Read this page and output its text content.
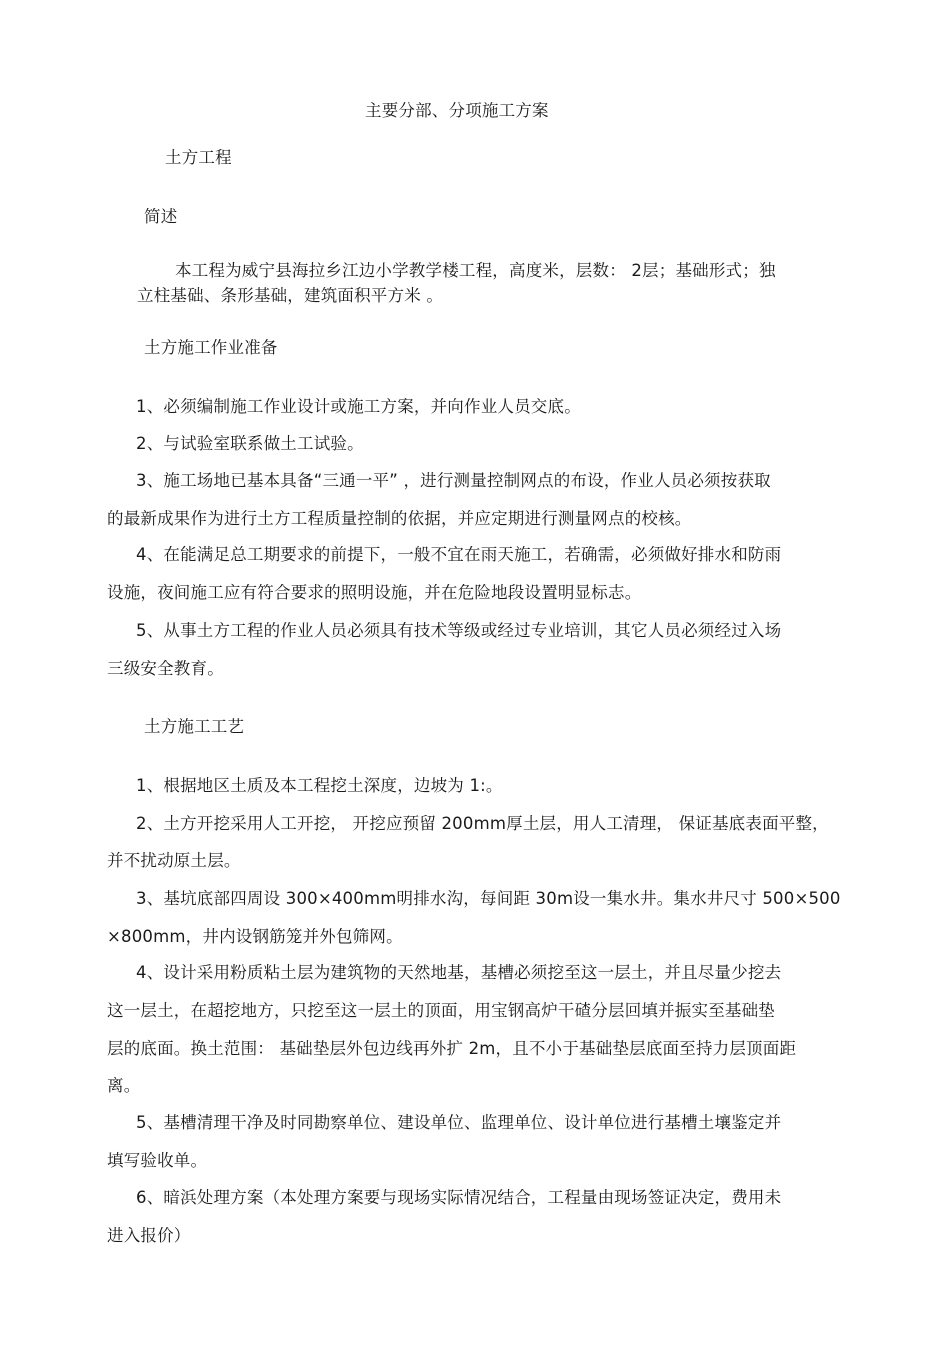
主要分部、分项施工方案
土方工程
简述
本工程为威宁县海拉乡江边小学教学楼工程，高度米，层数： 2层；基础形式；独
立柱基础、条形基础，建筑面积平方米 。
土方施工作业准备
1、必须编制施工作业设计或施工方案，并向作业人员交底。
2、与试验室联系做土工试验。
3、施工场地已基本具备“三通一平” ，进行测量控制网点的布设，作业人员必须按获取
的最新成果作为进行土方工程质量控制的依据，并应定期进行测量网点的校核。
4、在能满足总工期要求的前提下，一般不宜在雨天施工，若确需，必须做好排水和防雨
设施，夜间施工应有符合要求的照明设施，并在危险地段设置明显标志。
5、从事土方工程的作业人员必须具有技术等级或经过专业培训，其它人员必须经过入场
三级安全教育。
土方施工工艺
1、根据地区土质及本工程挖土深度，边坡为 1:。
2、土方开挖采用人工开挖， 开挖应预留 200mm厚土层，用人工清理， 保证基底表面平整，
并不扰动原土层。
3、基坑底部四周设 300×400mm明排水沟，每间距 30m设一集水井。集水井尺寸 500×500
×800mm，井内设钢筋笼并外包筛网。
4、设计采用粉质粘土层为建筑物的天然地基，基槽必须挖至这一层土，并且尽量少挖去
这一层土，在超挖地方，只挖至这一层土的顶面，用宝钢高炉干碴分层回填并振实至基础垫
层的底面。换土范围： 基础垫层外包边线再外扩 2m，且不小于基础垫层底面至持力层顶面距
离。
5、基槽清理干净及时同勘察单位、建设单位、监理单位、设计单位进行基槽土壤鉴定并
填写验收单。
6、暗浜处理方案（本处理方案要与现场实际情况结合，工程量由现场签证决定，费用未
进入报价）
